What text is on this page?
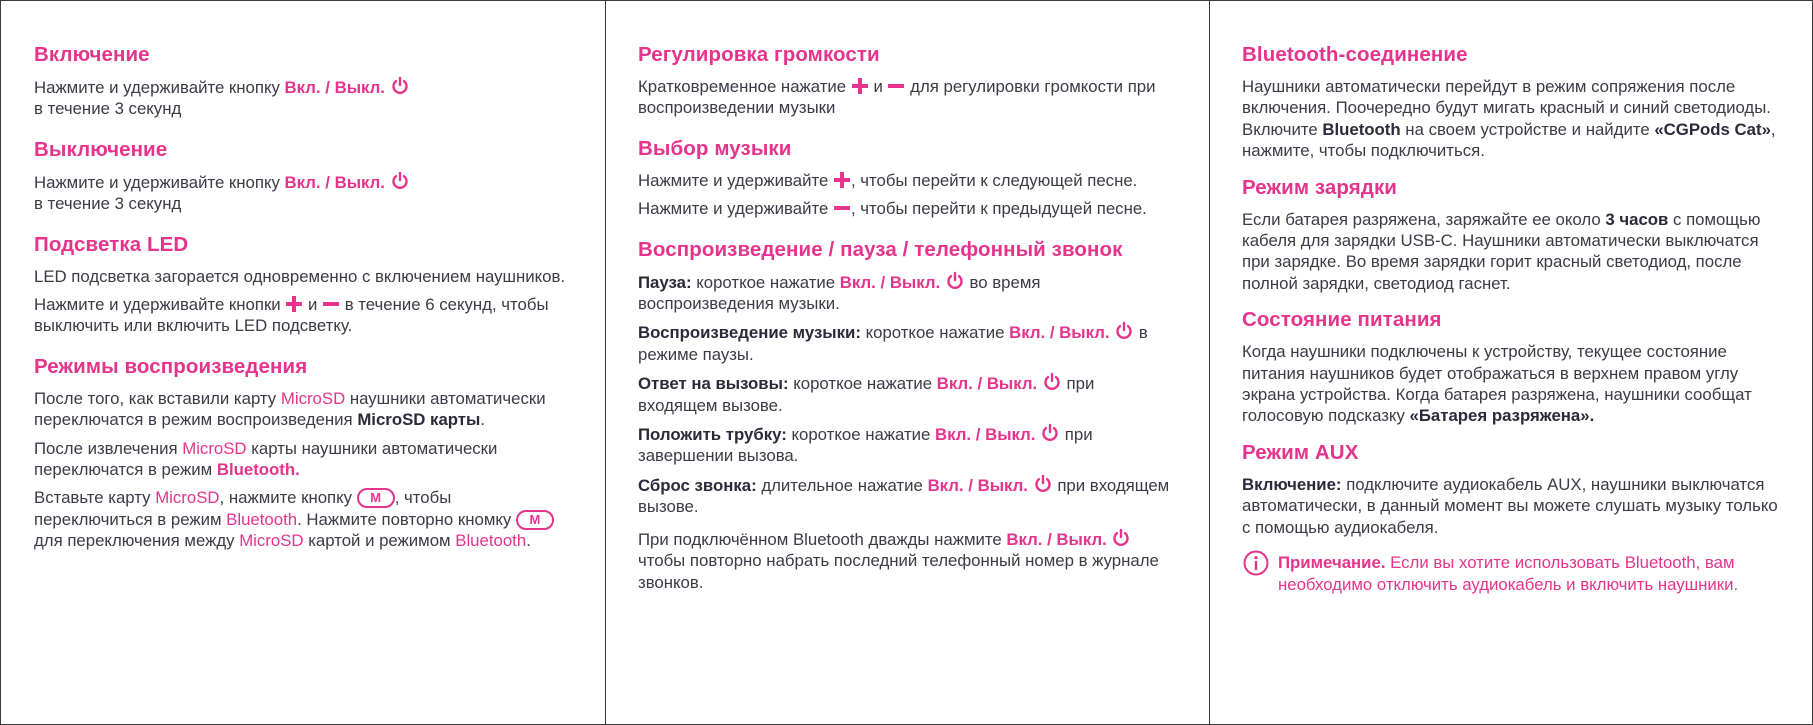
Включение

Нажмите и удерживайте кнопку Вкл. / Выкл.
в течение 3 секунд

Выключение

Нажмите и удерживайте кнопку Вкл. / Выкл.
в течение 3 секунд

Подсветка LED

LED подсветка загорается одновременно с включением наушников.

Нажмите и удерживайте кнопки  и  в течение 6 секунд, чтобы выключить или включить LED подсветку.

Режимы воспроизведения

После того, как вставили карту MicroSD наушники автоматически переключатся в режим воспроизведения MicroSD карты.

После извлечения MicroSD карты наушники автоматически переключатся в режим Bluetooth.

Вставьте карту MicroSD, нажмите кнопку M , чтобы переключиться в режим Bluetooth. Нажмите повторно кномку M для переключения между MicroSD картой и режимом Bluetooth.

Регулировка громкости

Кратковременное нажатие  и  для регулировки громкости при воспроизведении музыки

Выбор музыки

Нажмите и удерживайте , чтобы перейти к следующей песне.

Нажмите и удерживайте , чтобы перейти к предыдущей песне.

Воспроизведение / пауза / телефонный звонок

Пауза: короткое нажатие Вкл. / Выкл.  во время воспроизведения музыки.

Воспроизведение музыки: короткое нажатие Вкл. / Выкл.  в режиме паузы.

Ответ на вызовы: короткое нажатие Вкл. / Выкл.  при входящем вызове.

Положить трубку: короткое нажатие Вкл. / Выкл.  при завершении вызова.

Сброс звонка: длительное нажатие Вкл. / Выкл.  при входящем вызове.

При подключённом Bluetooth дважды нажмите Вкл. / Выкл.  чтобы повторно набрать последний телефонный номер в журнале звонков.

Bluetooth-соединение

Наушники автоматически перейдут в режим сопряжения после включения. Поочередно будут мигать красный и синий светодиоды. Включите Bluetooth на своем устройстве и найдите «CGPods Cat», нажмите, чтобы подключиться.

Режим зарядки

Если батарея разряжена, заряжайте ее около 3 часов с помощью кабеля для зарядки USB-C. Наушники автоматически выключатся при зарядке. Во время зарядки горит красный светодиод, после полной зарядки, светодиод гаснет.

Состояние питания

Когда наушники подключены к устройству, текущее состояние питания наушников будет отображаться в верхнем правом углу экрана устройства. Когда батарея разряжена, наушники сообщат голосовую подсказку «Батарея разряжена».

Режим AUX

Включение: подключите аудиокабель AUX, наушники выключатся автоматически, в данный момент вы можете слушать музыку только с помощью аудиокабеля.

Примечание. Если вы хотите использовать Bluetooth, вам необходимо отключить аудиокабель и включить наушники.
